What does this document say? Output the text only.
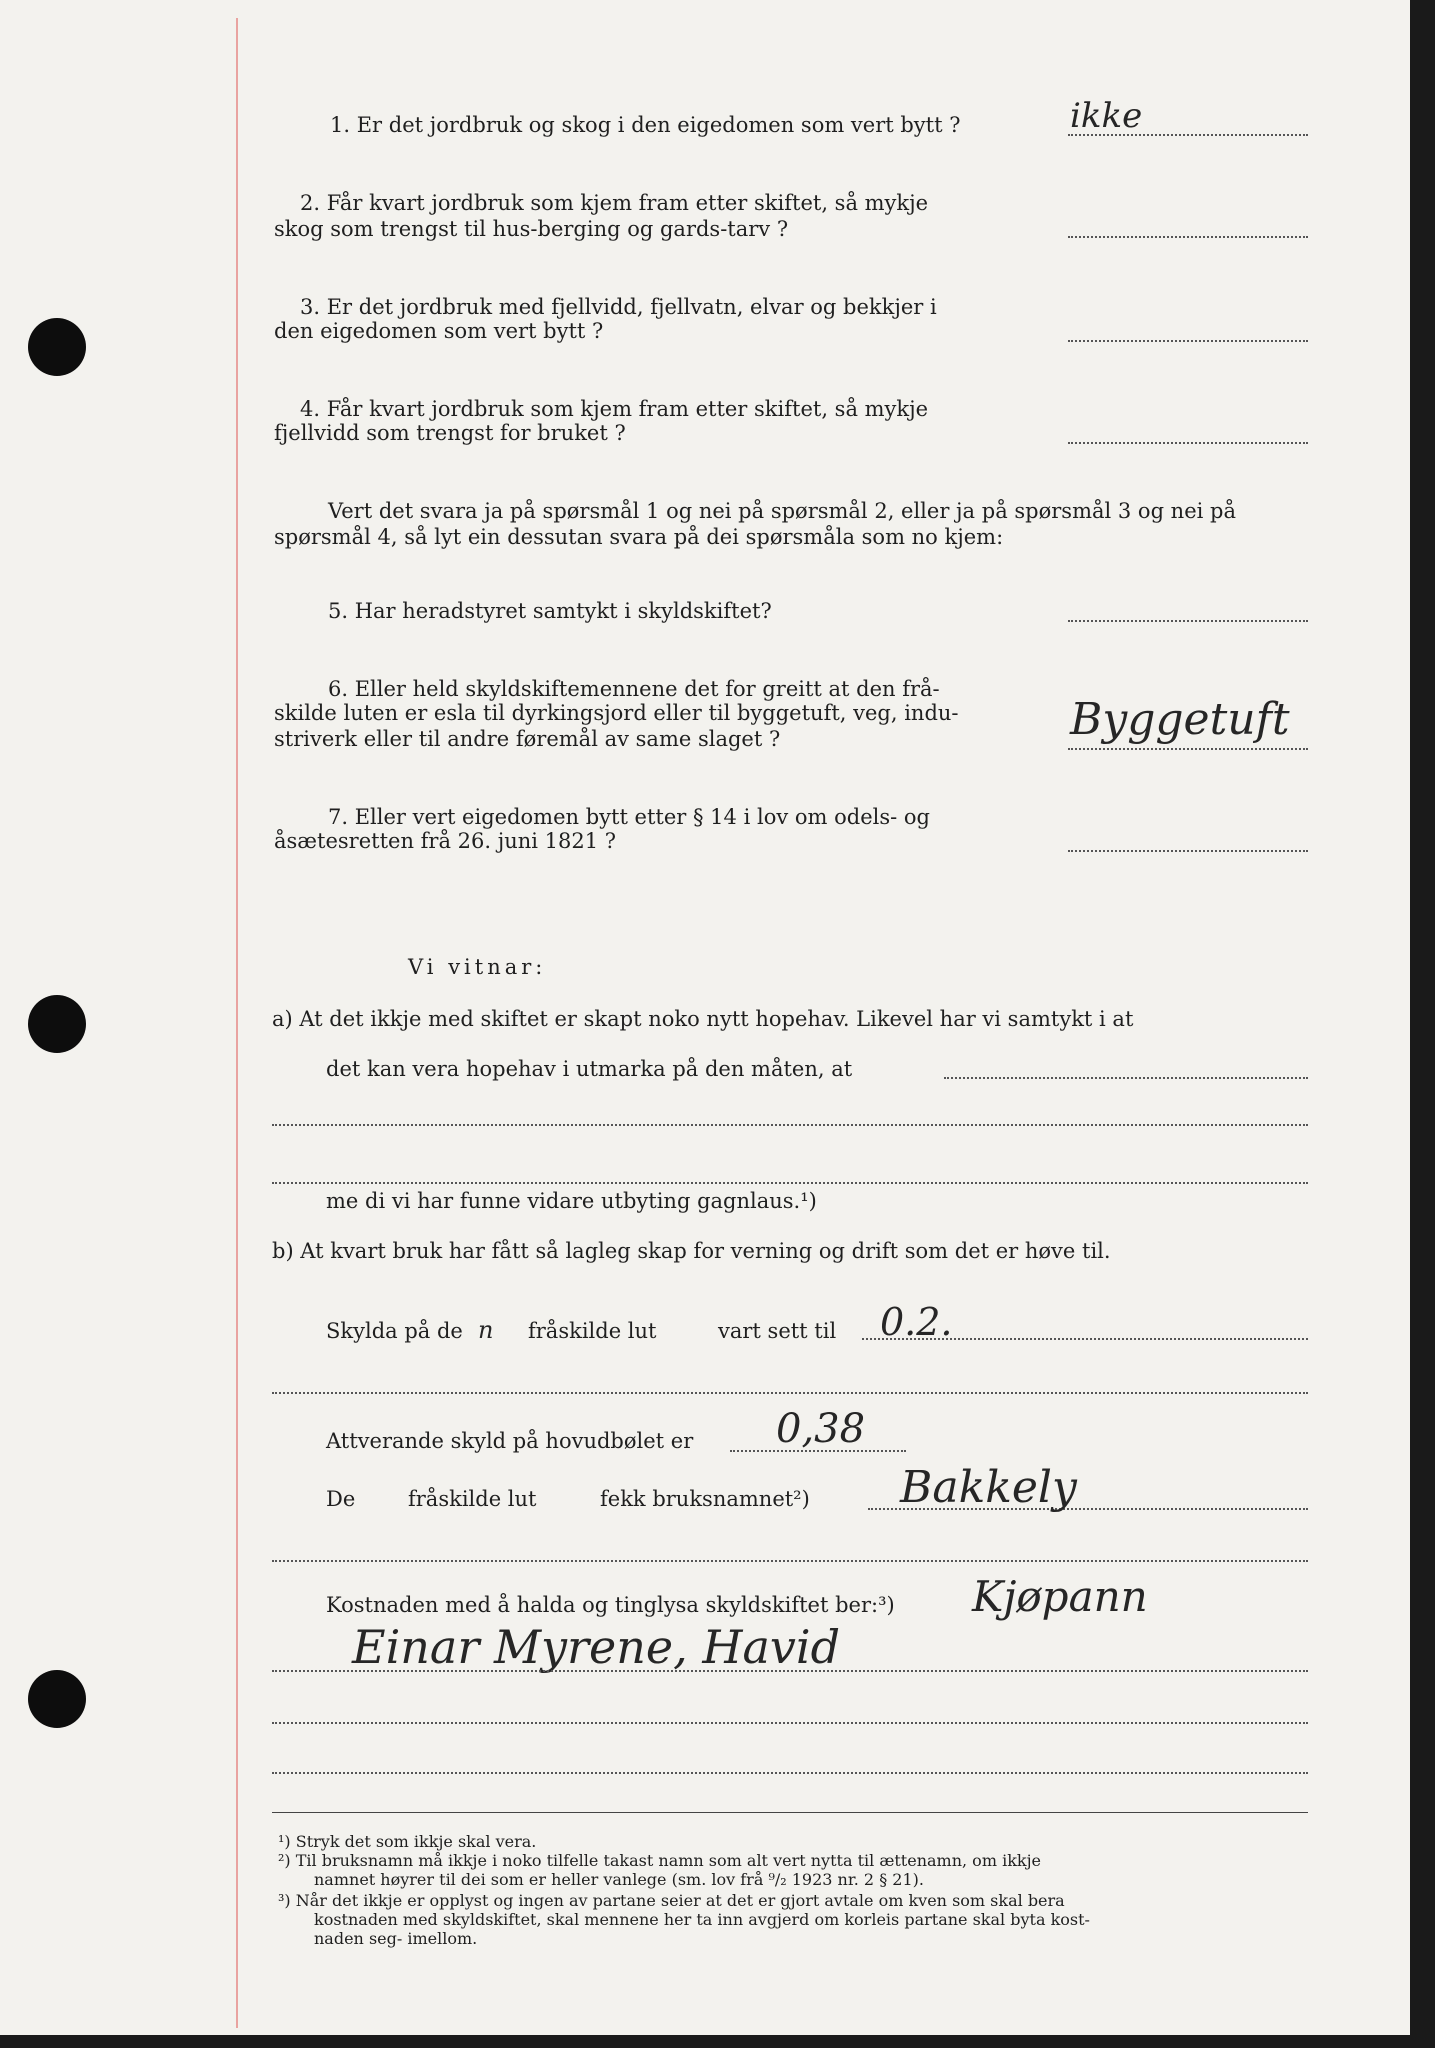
1. Er det jordbruk og skog i den eigedomen som vert bytt ?	ikke
2. Får kvart jordbruk som kjem fram etter skiftet, så mykje
skog som trengst til hus-berging og gards-tarv ?
3. Er det jordbruk med fjellvidd, fjellvatn, elvar og bekkjer i
den eigedomen som vert bytt ?
4. Får kvart jordbruk som kjem fram etter skiftet, så mykje
fjellvidd som trengst for bruket ?
Vert det svara ja på spørsmål 1 og nei på spørsmål 2, eller ja på spørsmål 3 og nei på
spørsmål 4, så lyt ein dessutan svara på dei spørsmåla som no kjem:
5. Har heradstyret samtykt i skyldskiftet?
6. Eller held skyldskiftemennene det for greitt at den frå-
skilde luten er esla til dyrkingsjord eller til byggetuft, veg, indu-
striverk eller til andre føremål av same slaget ?	Byggetuft
7. Eller vert eigedomen bytt etter § 14 i lov om odels- og
åsætesretten frå 26. juni 1821 ?
Vi vitnar:
a) At det ikkje med skiftet er skapt noko nytt hopehav. Likevel har vi samtykt i at
det kan vera hopehav i utmarka på den måten, at
me di vi har funne vidare utbyting gagnlaus.¹)
b) At kvart bruk har fått så lagleg skap for verning og drift som det er høve til.
Skylda på de n fråskilde lut	vart sett til 0.2.
Attverande skyld på hovudbølet er 0,38
De	fråskilde lut	fekk bruksnamnet²) Bakkely
Kostnaden med å halda og tinglysa skyldskiftet ber:³) Kjøpann
Einar Myrene, Havid
¹) Stryk det som ikkje skal vera.
²) Til bruksnamn må ikkje i noko tilfelle takast namn som alt vert nytta til ættenamn, om ikkje
namnet høyrer til dei som er heller vanlege (sm. lov frå ⁹/₂ 1923 nr. 2 § 21).
³) Når det ikkje er opplyst og ingen av partane seier at det er gjort avtale om kven som skal bera
kostnaden med skyldskiftet, skal mennene her ta inn avgjerd om korleis partane skal byta kost-
naden seg- imellom.
